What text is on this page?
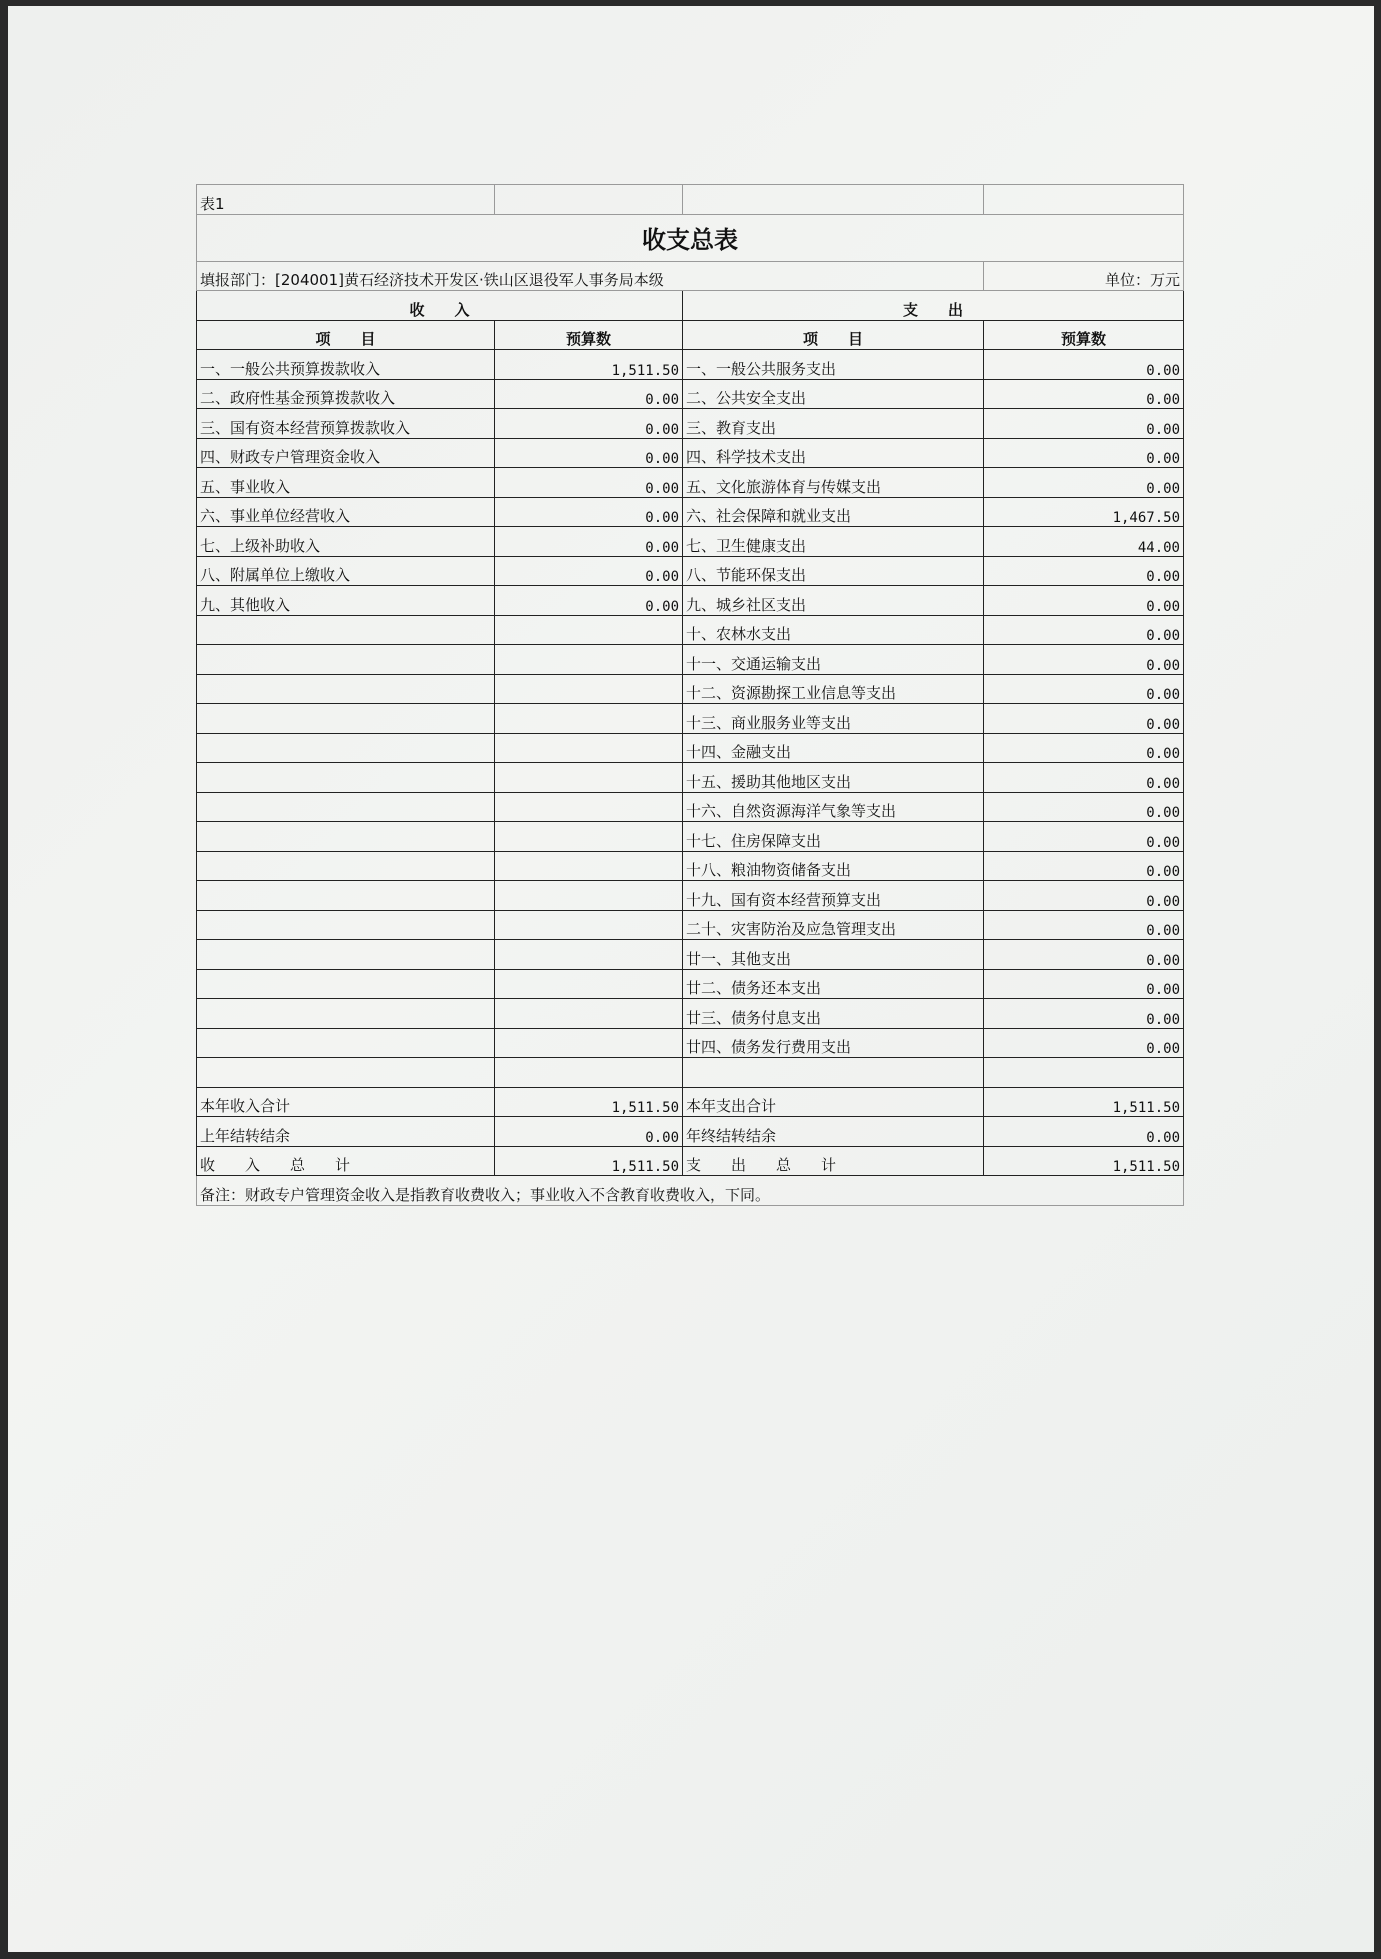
表1			
收支总表			
填报部门：[204001]黄石经济技术开发区·铁山区退役军人事务局本级			单位：万元
收　　入		支　　出	
项　　目	预算数	项　　目	预算数
一、一般公共预算拨款收入	1,511.50	一、一般公共服务支出	0.00
二、政府性基金预算拨款收入	0.00	二、公共安全支出	0.00
三、国有资本经营预算拨款收入	0.00	三、教育支出	0.00
四、财政专户管理资金收入	0.00	四、科学技术支出	0.00
五、事业收入	0.00	五、文化旅游体育与传媒支出	0.00
六、事业单位经营收入	0.00	六、社会保障和就业支出	1,467.50
七、上级补助收入	0.00	七、卫生健康支出	44.00
八、附属单位上缴收入	0.00	八、节能环保支出	0.00
九、其他收入	0.00	九、城乡社区支出	0.00
		十、农林水支出	0.00
		十一、交通运输支出	0.00
		十二、资源勘探工业信息等支出	0.00
		十三、商业服务业等支出	0.00
		十四、金融支出	0.00
		十五、援助其他地区支出	0.00
		十六、自然资源海洋气象等支出	0.00
		十七、住房保障支出	0.00
		十八、粮油物资储备支出	0.00
		十九、国有资本经营预算支出	0.00
		二十、灾害防治及应急管理支出	0.00
		廿一、其他支出	0.00
		廿二、债务还本支出	0.00
		廿三、债务付息支出	0.00
		廿四、债务发行费用支出	0.00

本年收入合计	1,511.50	本年支出合计	1,511.50
上年结转结余	0.00	年终结转结余	0.00
收　　入　　总　　计	1,511.50	支　　出　　总　　计	1,511.50
备注：财政专户管理资金收入是指教育收费收入；事业收入不含教育收费收入，下同。			
